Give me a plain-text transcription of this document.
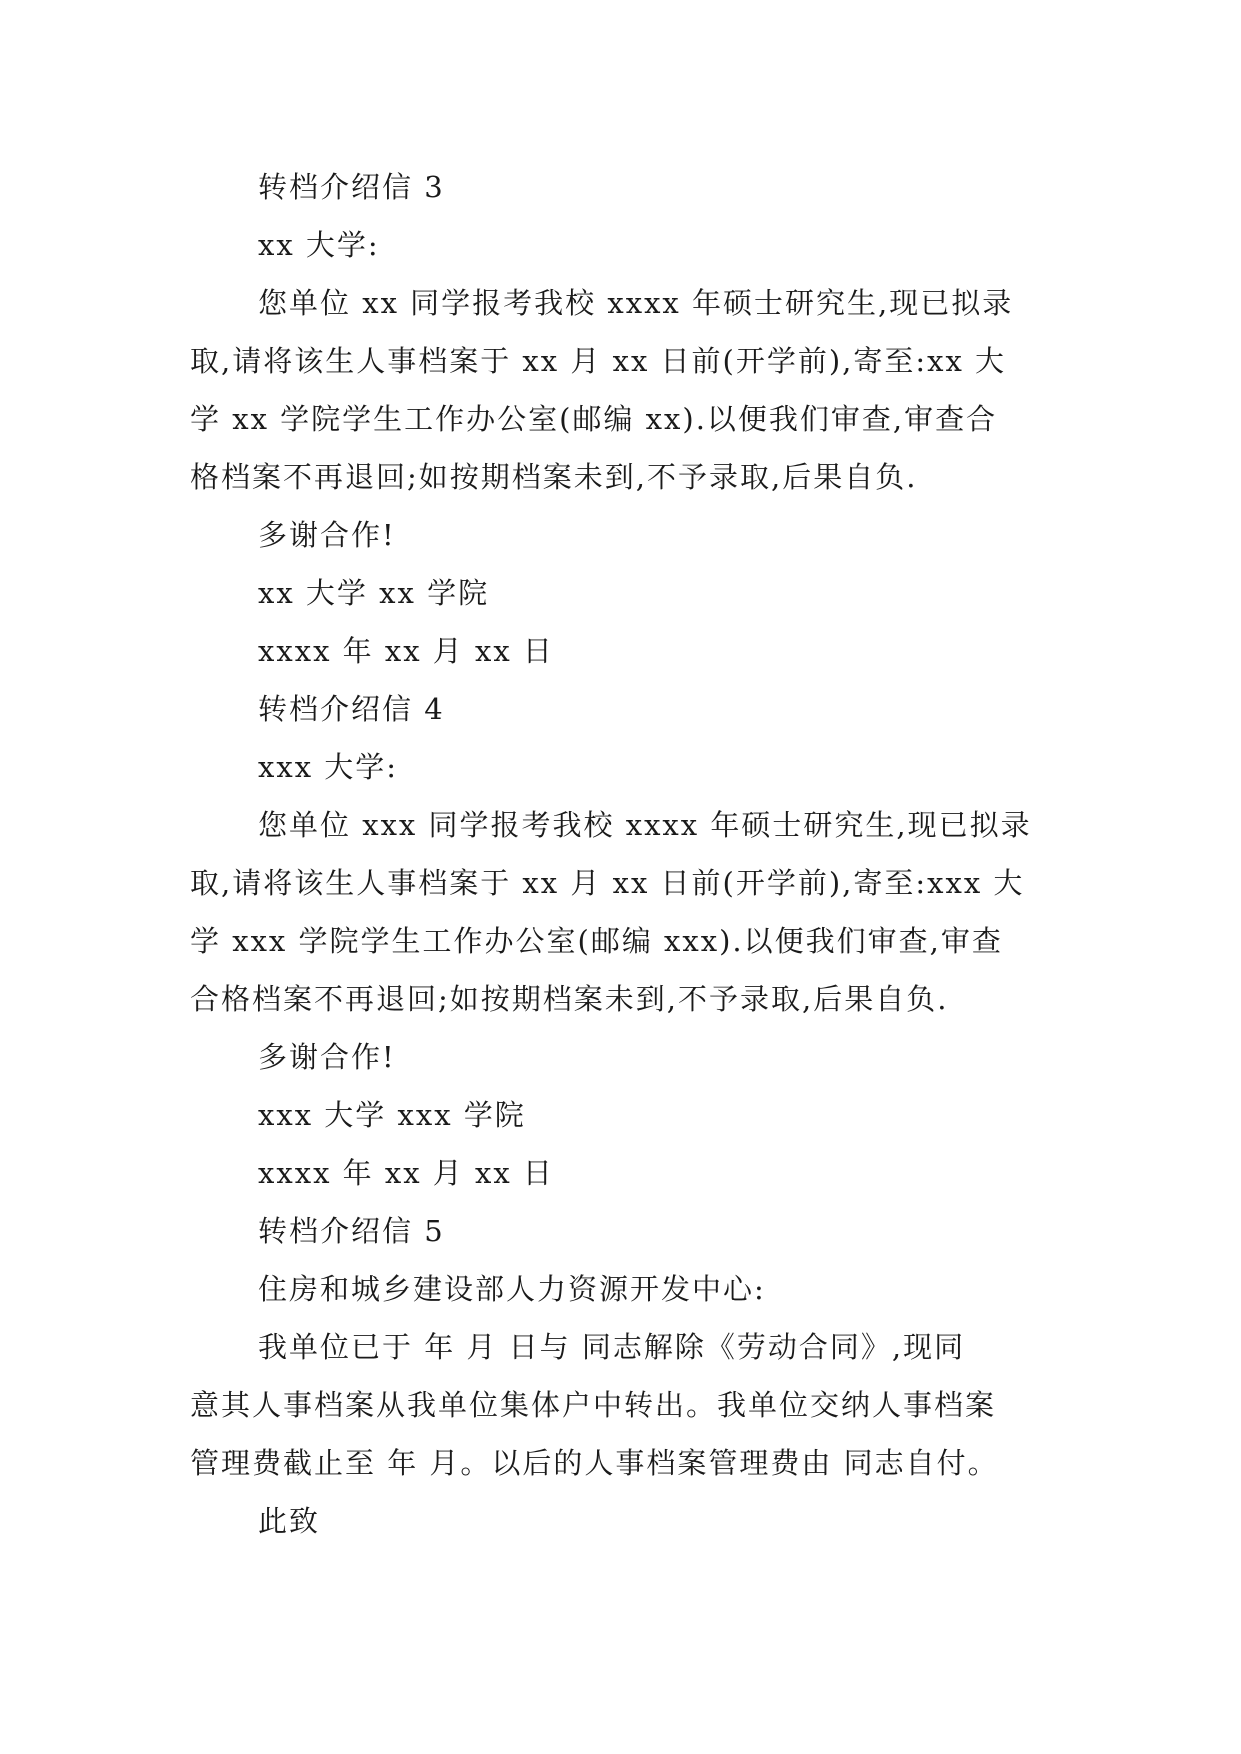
转档介绍信 3
xx 大学:
您单位 xx 同学报考我校 xxxx 年硕士研究生,现已拟录
取,请将该生人事档案于 xx 月 xx 日前(开学前),寄至:xx 大
学 xx 学院学生工作办公室(邮编 xx).以便我们审查,审查合
格档案不再退回;如按期档案未到,不予录取,后果自负.
多谢合作!
xx 大学 xx 学院
xxxx 年 xx 月 xx 日
转档介绍信 4
xxx 大学:
您单位 xxx 同学报考我校 xxxx 年硕士研究生,现已拟录
取,请将该生人事档案于 xx 月 xx 日前(开学前),寄至:xxx 大
学 xxx 学院学生工作办公室(邮编 xxx).以便我们审查,审查
合格档案不再退回;如按期档案未到,不予录取,后果自负.
多谢合作!
xxx 大学 xxx 学院
xxxx 年 xx 月 xx 日
转档介绍信 5
住房和城乡建设部人力资源开发中心:
我单位已于 年 月 日与 同志解除《劳动合同》,现同
意其人事档案从我单位集体户中转出。我单位交纳人事档案
管理费截止至 年 月。以后的人事档案管理费由 同志自付。
此致
